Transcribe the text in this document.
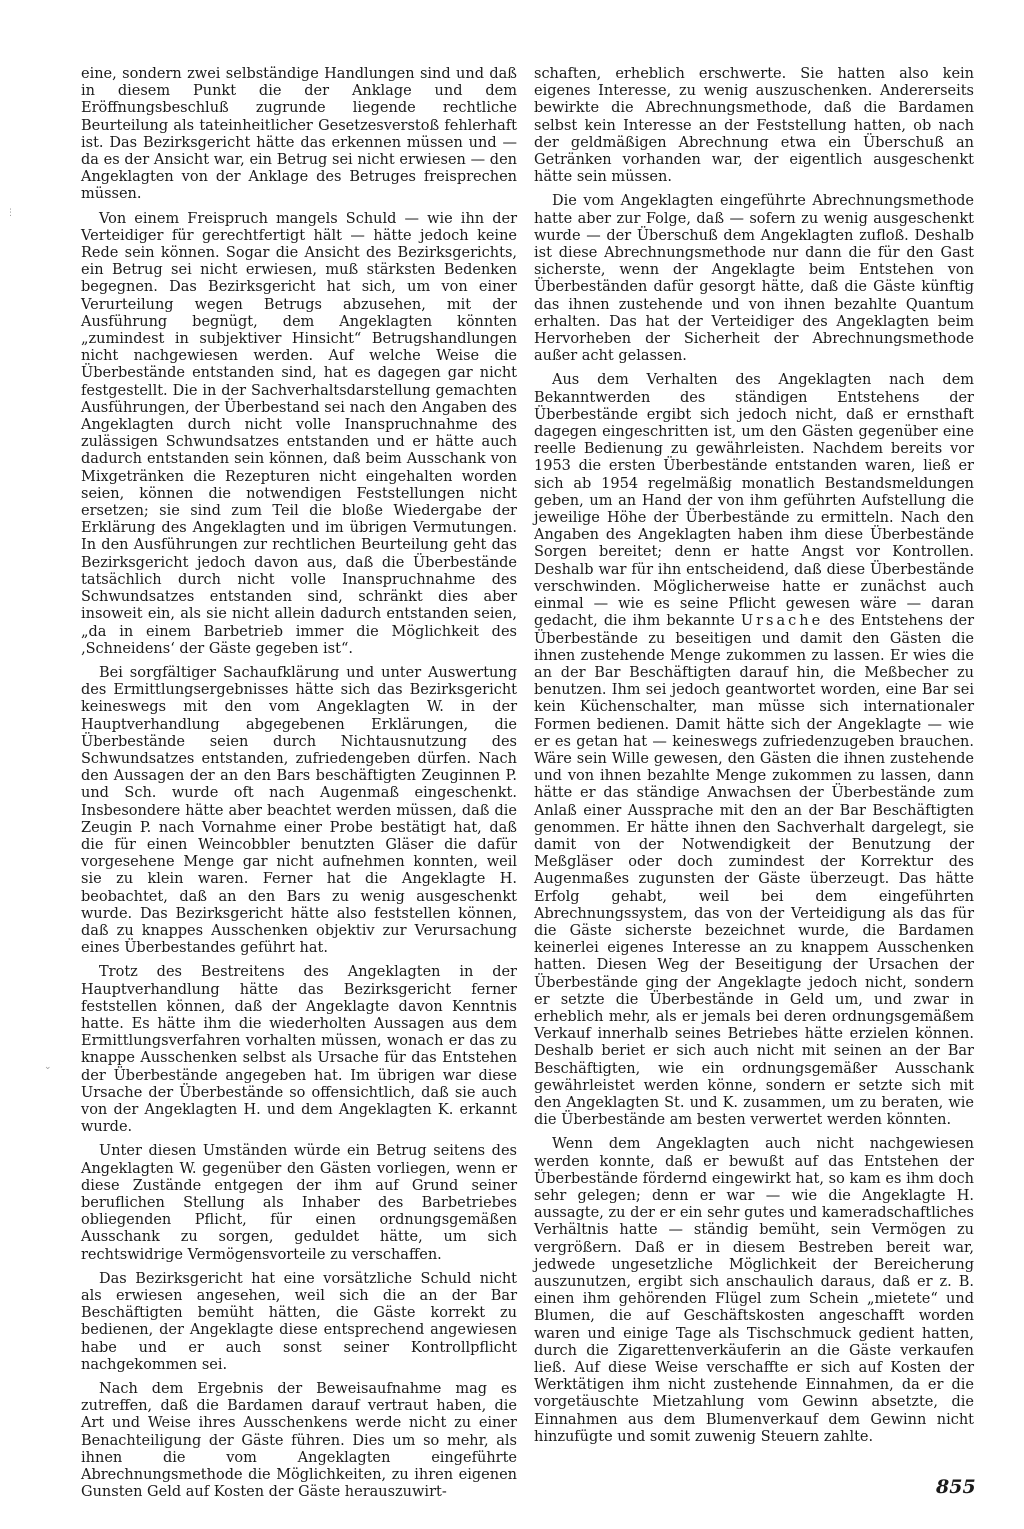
eine, sondern zwei selbständige Handlungen sind und daß in diesem Punkt die der Anklage und dem Eröffnungsbeschluß zugrunde liegende rechtliche Beurteilung als tateinheitlicher Gesetzesverstoß fehlerhaft ist. Das Bezirksgericht hätte das erkennen müssen und — da es der Ansicht war, ein Betrug sei nicht erwiesen — den Angeklagten von der Anklage des Betruges freisprechen müssen.

Von einem Freispruch mangels Schuld — wie ihn der Verteidiger für gerechtfertigt hält — hätte jedoch keine Rede sein können. Sogar die Ansicht des Bezirksgerichts, ein Betrug sei nicht erwiesen, muß stärksten Bedenken begegnen. Das Bezirksgericht hat sich, um von einer Verurteilung wegen Betrugs abzusehen, mit der Ausführung begnügt, dem Angeklagten könnten „zumindest in subjektiver Hinsicht“ Betrugshandlungen nicht nachgewiesen werden. Auf welche Weise die Überbestände entstanden sind, hat es dagegen gar nicht festgestellt. Die in der Sachverhaltsdarstellung gemachten Ausführungen, der Überbestand sei nach den Angaben des Angeklagten durch nicht volle Inanspruchnahme des zulässigen Schwundsatzes entstanden und er hätte auch dadurch entstanden sein können, daß beim Ausschank von Mixgetränken die Rezepturen nicht eingehalten worden seien, können die notwendigen Feststellungen nicht ersetzen; sie sind zum Teil die bloße Wiedergabe der Erklärung des Angeklagten und im übrigen Vermutungen. In den Ausführungen zur rechtlichen Beurteilung geht das Bezirksgericht jedoch davon aus, daß die Überbestände tatsächlich durch nicht volle Inanspruchnahme des Schwundsatzes entstanden sind, schränkt dies aber insoweit ein, als sie nicht allein dadurch entstanden seien, „da in einem Barbetrieb immer die Möglichkeit des ‚Schneidens‘ der Gäste gegeben ist“.

Bei sorgfältiger Sachaufklärung und unter Auswertung des Ermittlungsergebnisses hätte sich das Bezirksgericht keineswegs mit den vom Angeklagten W. in der Hauptverhandlung abgegebenen Erklärungen, die Überbestände seien durch Nichtausnutzung des Schwundsatzes entstanden, zufriedengeben dürfen. Nach den Aussagen der an den Bars beschäftigten Zeuginnen P. und Sch. wurde oft nach Augenmaß eingeschenkt. Insbesondere hätte aber beachtet werden müssen, daß die Zeugin P. nach Vornahme einer Probe bestätigt hat, daß die für einen Weincobbler benutzten Gläser die dafür vorgesehene Menge gar nicht aufnehmen konnten, weil sie zu klein waren. Ferner hat die Angeklagte H. beobachtet, daß an den Bars zu wenig ausgeschenkt wurde. Das Bezirksgericht hätte also feststellen können, daß zu knappes Ausschenken objektiv zur Verursachung eines Überbestandes geführt hat.

Trotz des Bestreitens des Angeklagten in der Hauptverhandlung hätte das Bezirksgericht ferner feststellen können, daß der Angeklagte davon Kenntnis hatte. Es hätte ihm die wiederholten Aussagen aus dem Ermittlungsverfahren vorhalten müssen, wonach er das zu knappe Ausschenken selbst als Ursache für das Entstehen der Überbestände angegeben hat. Im übrigen war diese Ursache der Überbestände so offensichtlich, daß sie auch von der Angeklagten H. und dem Angeklagten K. erkannt wurde.

Unter diesen Umständen würde ein Betrug seitens des Angeklagten W. gegenüber den Gästen vorliegen, wenn er diese Zustände entgegen der ihm auf Grund seiner beruflichen Stellung als Inhaber des Barbetriebes obliegenden Pflicht, für einen ordnungsgemäßen Ausschank zu sorgen, geduldet hätte, um sich rechtswidrige Vermögensvorteile zu verschaffen.

Das Bezirksgericht hat eine vorsätzliche Schuld nicht als erwiesen angesehen, weil sich die an der Bar Beschäftigten bemüht hätten, die Gäste korrekt zu bedienen, der Angeklagte diese entsprechend angewiesen habe und er auch sonst seiner Kontrollpflicht nachgekommen sei.

Nach dem Ergebnis der Beweisaufnahme mag es zutreffen, daß die Bardamen darauf vertraut haben, die Art und Weise ihres Ausschenkens werde nicht zu einer Benachteiligung der Gäste führen. Dies um so mehr, als ihnen die vom Angeklagten eingeführte Abrechnungsmethode die Möglichkeiten, zu ihren eigenen Gunsten Geld auf Kosten der Gäste herauszuwirt-

schaften, erheblich erschwerte. Sie hatten also kein eigenes Interesse, zu wenig auszuschenken. Andererseits bewirkte die Abrechnungsmethode, daß die Bardamen selbst kein Interesse an der Feststellung hatten, ob nach der geldmäßigen Abrechnung etwa ein Überschuß an Getränken vorhanden war, der eigentlich ausgeschenkt hätte sein müssen.

Die vom Angeklagten eingeführte Abrechnungsmethode hatte aber zur Folge, daß — sofern zu wenig ausgeschenkt wurde — der Überschuß dem Angeklagten zufloß. Deshalb ist diese Abrechnungsmethode nur dann die für den Gast sicherste, wenn der Angeklagte beim Entstehen von Überbeständen dafür gesorgt hätte, daß die Gäste künftig das ihnen zustehende und von ihnen bezahlte Quantum erhalten. Das hat der Verteidiger des Angeklagten beim Hervorheben der Sicherheit der Abrechnungsmethode außer acht gelassen.

Aus dem Verhalten des Angeklagten nach dem Bekanntwerden des ständigen Entstehens der Überbestände ergibt sich jedoch nicht, daß er ernsthaft dagegen eingeschritten ist, um den Gästen gegenüber eine reelle Bedienung zu gewährleisten. Nachdem bereits vor 1953 die ersten Überbestände entstanden waren, ließ er sich ab 1954 regelmäßig monatlich Bestandsmeldungen geben, um an Hand der von ihm geführten Aufstellung die jeweilige Höhe der Überbestände zu ermitteln. Nach den Angaben des Angeklagten haben ihm diese Überbestände Sorgen bereitet; denn er hatte Angst vor Kontrollen. Deshalb war für ihn entscheidend, daß diese Überbestände verschwinden. Möglicherweise hatte er zunächst auch einmal — wie es seine Pflicht gewesen wäre — daran gedacht, die ihm bekannte Ursache des Entstehens der Überbestände zu beseitigen und damit den Gästen die ihnen zustehende Menge zukommen zu lassen. Er wies die an der Bar Beschäftigten darauf hin, die Meßbecher zu benutzen. Ihm sei jedoch geantwortet worden, eine Bar sei kein Küchenschalter, man müsse sich internationaler Formen bedienen. Damit hätte sich der Angeklagte — wie er es getan hat — keineswegs zufriedenzugeben brauchen. Wäre sein Wille gewesen, den Gästen die ihnen zustehende und von ihnen bezahlte Menge zukommen zu lassen, dann hätte er das ständige Anwachsen der Überbestände zum Anlaß einer Aussprache mit den an der Bar Beschäftigten genommen. Er hätte ihnen den Sachverhalt dargelegt, sie damit von der Notwendigkeit der Benutzung der Meßgläser oder doch zumindest der Korrektur des Augenmaßes zugunsten der Gäste überzeugt. Das hätte Erfolg gehabt, weil bei dem eingeführten Abrechnungssystem, das von der Verteidigung als das für die Gäste sicherste bezeichnet wurde, die Bardamen keinerlei eigenes Interesse an zu knappem Ausschenken hatten. Diesen Weg der Beseitigung der Ursachen der Überbestände ging der Angeklagte jedoch nicht, sondern er setzte die Überbestände in Geld um, und zwar in erheblich mehr, als er jemals bei deren ordnungsgemäßem Verkauf innerhalb seines Betriebes hätte erzielen können. Deshalb beriet er sich auch nicht mit seinen an der Bar Beschäftigten, wie ein ordnungsgemäßer Ausschank gewährleistet werden könne, sondern er setzte sich mit den Angeklagten St. und K. zusammen, um zu beraten, wie die Überbestände am besten verwertet werden könnten.

Wenn dem Angeklagten auch nicht nachgewiesen werden konnte, daß er bewußt auf das Entstehen der Überbestände fördernd eingewirkt hat, so kam es ihm doch sehr gelegen; denn er war — wie die Angeklagte H. aussagte, zu der er ein sehr gutes und kameradschaftliches Verhältnis hatte — ständig bemüht, sein Vermögen zu vergrößern. Daß er in diesem Bestreben bereit war, jedwede ungesetzliche Möglichkeit der Bereicherung auszunutzen, ergibt sich anschaulich daraus, daß er z. B. einen ihm gehörenden Flügel zum Schein „mietete“ und Blumen, die auf Geschäftskosten angeschafft worden waren und einige Tage als Tischschmuck gedient hatten, durch die Zigarettenverkäuferin an die Gäste verkaufen ließ. Auf diese Weise verschaffte er sich auf Kosten der Werktätigen ihm nicht zustehende Einnahmen, da er die vorgetäuschte Mietzahlung vom Gewinn absetzte, die Einnahmen aus dem Blumenverkauf dem Gewinn nicht hinzufügte und somit zuwenig Steuern zahlte.

855
⋮
⌄
